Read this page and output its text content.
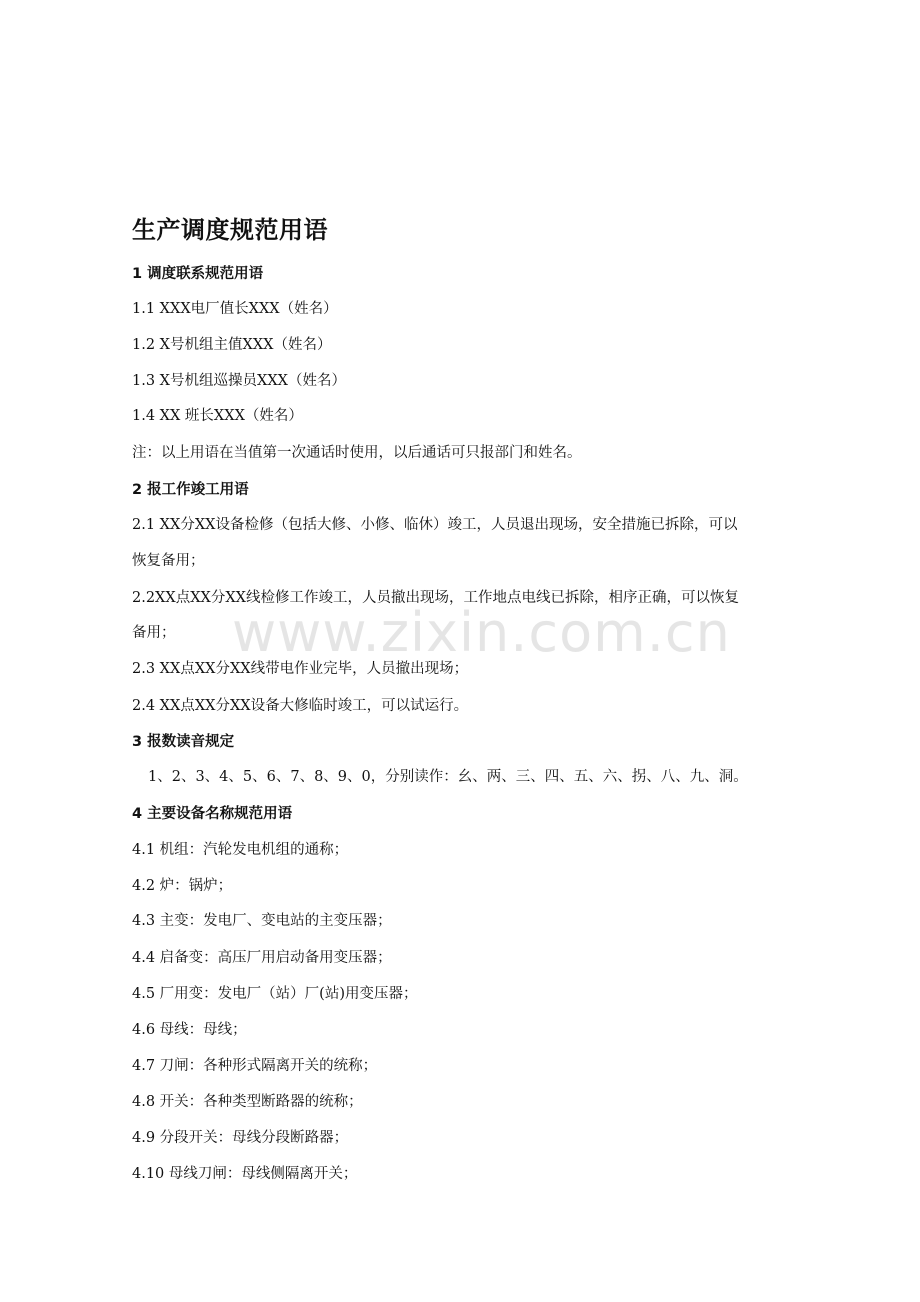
生产调度规范用语

1 调度联系规范用语

1.1 XXX电厂值长XXX（姓名）

1.2 X号机组主值XXX（姓名）

1.3 X号机组巡操员XXX（姓名）

1.4 XX 班长XXX（姓名）

注：以上用语在当值第一次通话时使用，以后通话可只报部门和姓名。

2 报工作竣工用语

2.1 XX分XX设备检修（包括大修、小修、临休）竣工，人员退出现场，安全措施已拆除，可以

恢复备用；

2.2XX点XX分XX线检修工作竣工，人员撤出现场，工作地点电线已拆除，相序正确，可以恢复

备用；

2.3 XX点XX分XX线带电作业完毕，人员撤出现场；

2.4 XX点XX分XX设备大修临时竣工，可以试运行。

3 报数读音规定

1、2、3、4、5、6、7、8、9、0，分别读作：幺、两、三、四、五、六、拐、八、九、洞。

4 主要设备名称规范用语

4.1 机组：汽轮发电机组的通称；

4.2 炉：锅炉；

4.3 主变：发电厂、变电站的主变压器；

4.4 启备变：高压厂用启动备用变压器；

4.5 厂用变：发电厂（站）厂(站)用变压器；

4.6 母线：母线；

4.7 刀闸：各种形式隔离开关的统称；

4.8 开关：各种类型断路器的统称；

4.9 分段开关：母线分段断路器；

4.10 母线刀闸：母线侧隔离开关；

www.zixin.com.cn
